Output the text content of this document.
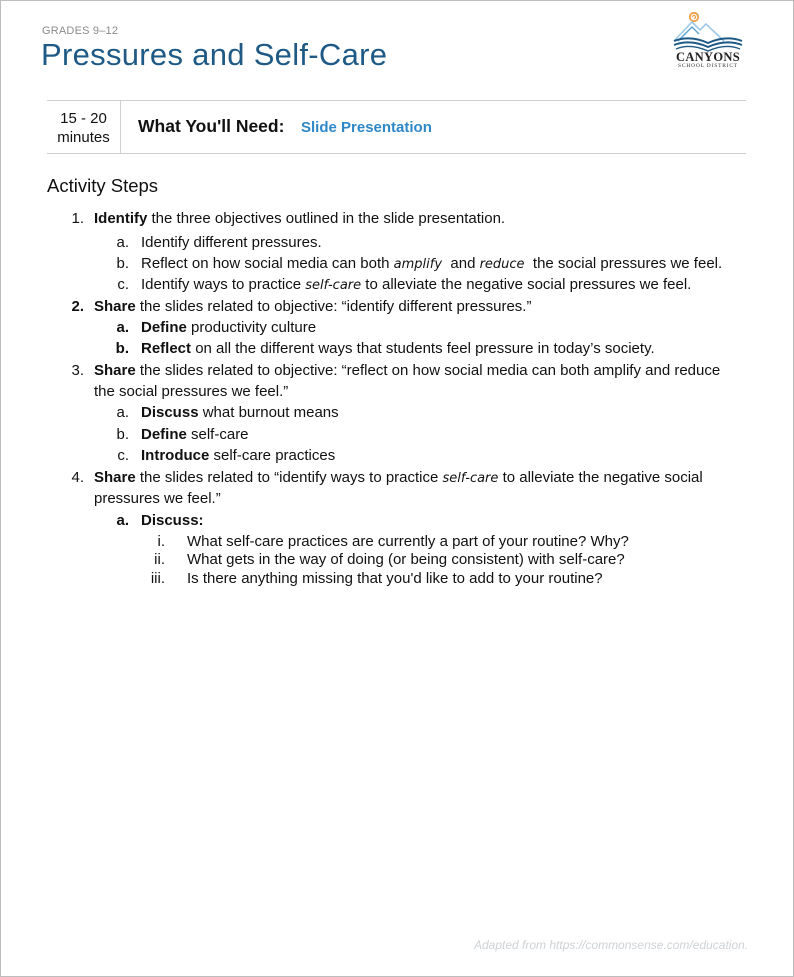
GRADES 9–12
Pressures and Self-Care	CANYONS
SCHOOL DISTRICT
15 - 20
minutes
What You'll Need: Slide Presentation
Activity Steps
1. Identify the three objectives outlined in the slide presentation.
a. Identify different pressures.
b. Reflect on how social media can both amplify  and reduce  the social pressures we feel.
c. Identify ways to practice self-care to alleviate the negative social pressures we feel.
2. Share the slides related to objective: “identify different pressures.”
a. Define productivity culture
b. Reflect on all the different ways that students feel pressure in today’s society.
3. Share the slides related to objective: “reflect on how social media can both amplify and reduce
the social pressures we feel.”
a. Discuss what burnout means
b. Define self-care
c. Introduce self-care practices
4. Share the slides related to “identify ways to practice self-care to alleviate the negative social
pressures we feel.”
a. Discuss:
i. What self-care practices are currently a part of your routine? Why?
ii. What gets in the way of doing (or being consistent) with self-care?
iii. Is there anything missing that you'd like to add to your routine?
Adapted from https://commonsense.com/education.
